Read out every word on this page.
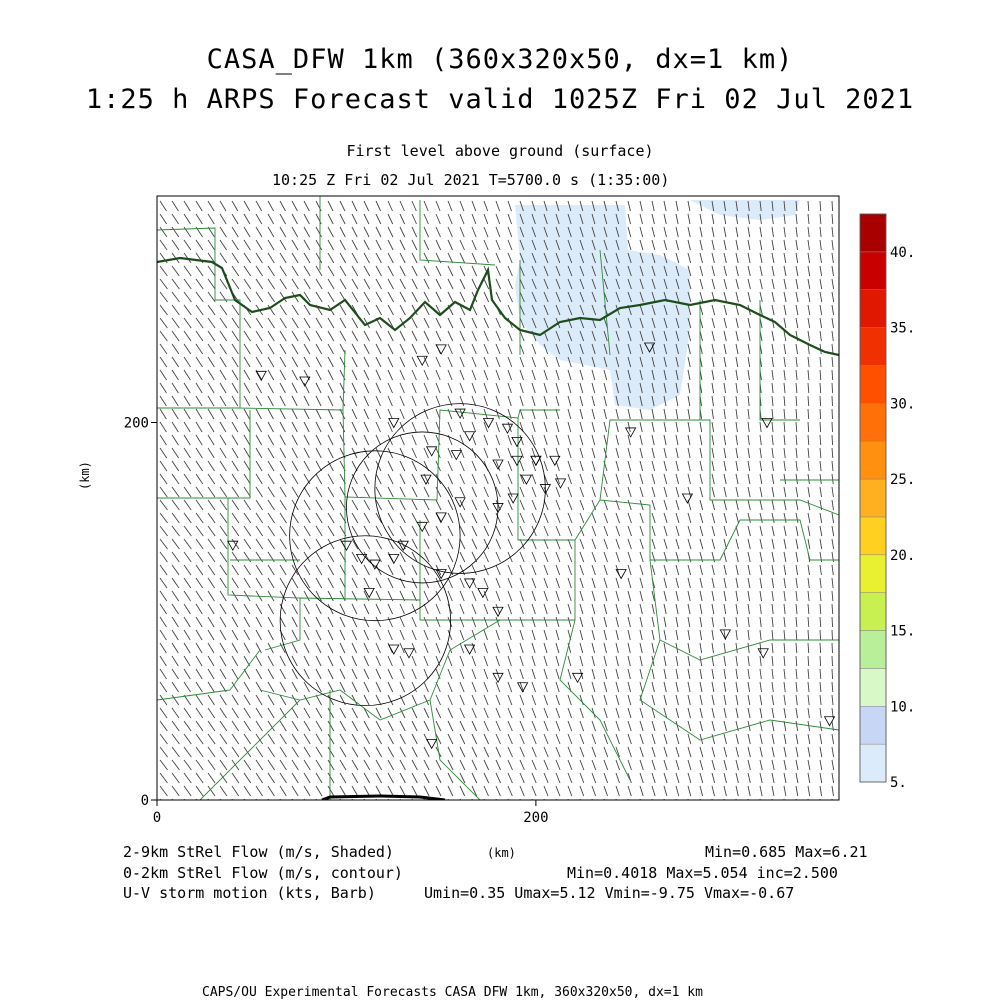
CASA_DFW 1km (360x320x50, dx=1 km)
1:25 h ARPS Forecast valid 1025Z Fri 02 Jul 2021
First level above ground (surface)
10:25 Z Fri 02 Jul 2021 T=5700.0 s (1:35:00)
0	200
0
200
5.
10.
15.
20.
25.
30.
35.
40.
2-9km StRel Flow (m/s, Shaded)
0-2km StRel Flow (m/s, contour)
U-V storm motion (kts, Barb)
Min=0.685 Max=6.21
Min=0.4018 Max=5.054 inc=2.500
Umin=0.35 Umax=5.12 Vmin=-9.75 Vmax=-0.67
(km)
(km)
CAPS/OU Experimental Forecasts CASA DFW 1km, 360x320x50, dx=1 km
